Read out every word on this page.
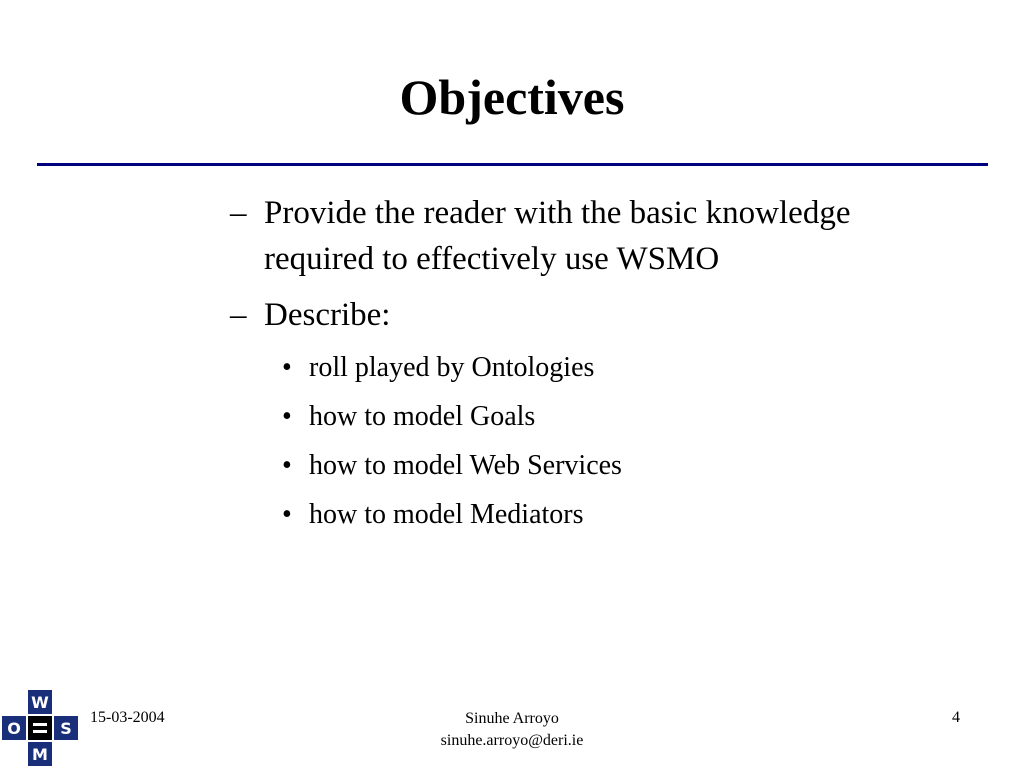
Objectives
– Provide the reader with the basic knowledge
required to effectively use WSMO
– Describe:
• roll played by Ontologies
• how to model Goals
• how to model Web Services
• how to model Mediators
W
S
M
O
15-03-2004	Sinuhe Arroyo
sinuhe.arroyo@deri.ie
4
